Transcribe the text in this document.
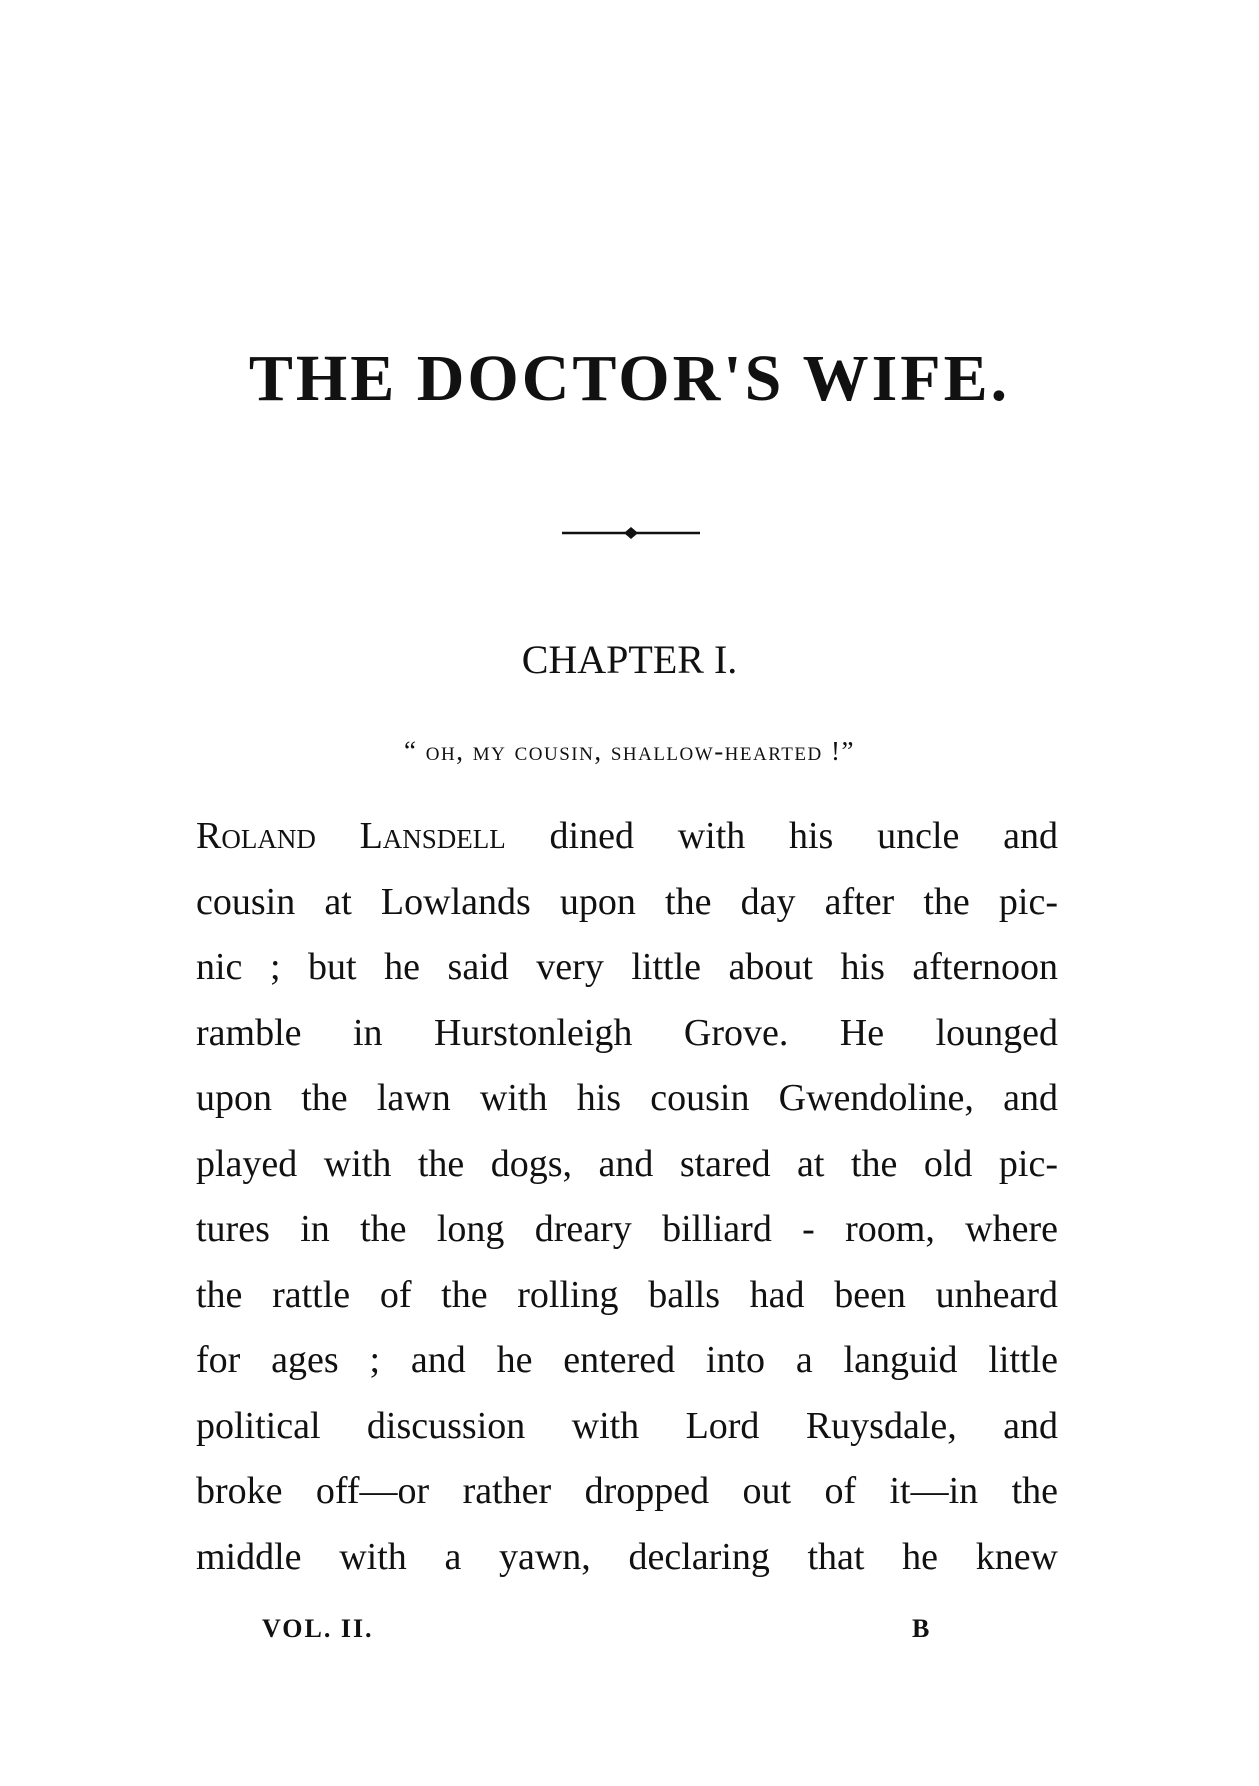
THE DOCTOR'S WIFE.
CHAPTER I.
“ oh, my cousin, shallow-hearted !”
Roland Lansdell dined with his uncle and
cousin at Lowlands upon the day after the pic-
nic ; but he said very little about his afternoon
ramble in Hurstonleigh Grove. He lounged
upon the lawn with his cousin Gwendoline, and
played with the dogs, and stared at the old pic-
tures in the long dreary billiard - room, where
the rattle of the rolling balls had been unheard
for ages ; and he entered into a languid little
political discussion with Lord Ruysdale, and
broke off—or rather dropped out of it—in the
middle with a yawn, declaring that he knew
VOL. II.	B
